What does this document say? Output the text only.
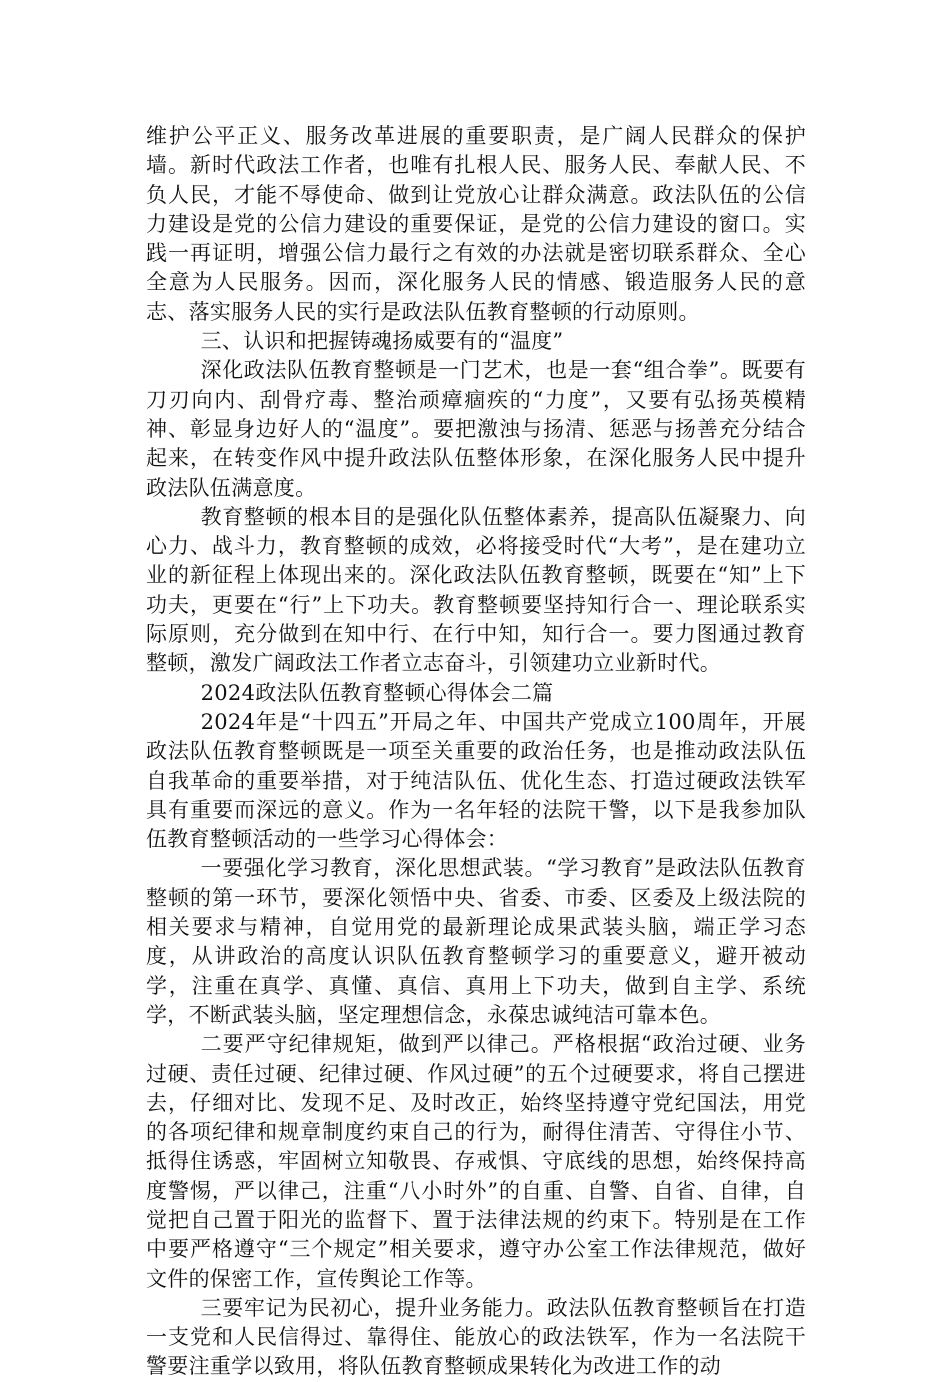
维护公平正义、服务改革进展的重要职责，是广阔人民群众的保护墙。新时代政法工作者，也唯有扎根人民、服务人民、奉献人民、不负人民，才能不辱使命、做到让党放心让群众满意。政法队伍的公信力建设是党的公信力建设的重要保证，是党的公信力建设的窗口。实践一再证明，增强公信力最行之有效的办法就是密切联系群众、全心全意为人民服务。因而，深化服务人民的情感、锻造服务人民的意志、落实服务人民的实行是政法队伍教育整顿的行动原则。

三、认识和把握铸魂扬威要有的“温度”

深化政法队伍教育整顿是一门艺术，也是一套“组合拳”。既要有刀刃向内、刮骨疗毒、整治顽瘴痼疾的“力度”，又要有弘扬英模精神、彰显身边好人的“温度”。要把激浊与扬清、惩恶与扬善充分结合起来，在转变作风中提升政法队伍整体形象，在深化服务人民中提升政法队伍满意度。

教育整顿的根本目的是强化队伍整体素养，提高队伍凝聚力、向心力、战斗力，教育整顿的成效，必将接受时代“大考”，是在建功立业的新征程上体现出来的。深化政法队伍教育整顿，既要在“知”上下功夫，更要在“行”上下功夫。教育整顿要坚持知行合一、理论联系实际原则，充分做到在知中行、在行中知，知行合一。要力图通过教育整顿，激发广阔政法工作者立志奋斗，引领建功立业新时代。

2024政法队伍教育整顿心得体会二篇

2024年是“十四五”开局之年、中国共产党成立100周年，开展政法队伍教育整顿既是一项至关重要的政治任务，也是推动政法队伍自我革命的重要举措，对于纯洁队伍、优化生态、打造过硬政法铁军具有重要而深远的意义。作为一名年轻的法院干警，以下是我参加队伍教育整顿活动的一些学习心得体会：

一要强化学习教育，深化思想武装。“学习教育”是政法队伍教育整顿的第一环节，要深化领悟中央、省委、市委、区委及上级法院的相关要求与精神，自觉用党的最新理论成果武装头脑，端正学习态度，从讲政治的高度认识队伍教育整顿学习的重要意义，避开被动学，注重在真学、真懂、真信、真用上下功夫，做到自主学、系统学，不断武装头脑，坚定理想信念，永葆忠诚纯洁可靠本色。

二要严守纪律规矩，做到严以律己。严格根据“政治过硬、业务过硬、责任过硬、纪律过硬、作风过硬”的五个过硬要求，将自己摆进去，仔细对比、发现不足、及时改正，始终坚持遵守党纪国法，用党的各项纪律和规章制度约束自己的行为，耐得住清苦、守得住小节、抵得住诱惑，牢固树立知敬畏、存戒惧、守底线的思想，始终保持高度警惕，严以律己，注重“八小时外”的自重、自警、自省、自律，自觉把自己置于阳光的监督下、置于法律法规的约束下。特别是在工作中要严格遵守“三个规定”相关要求，遵守办公室工作法律规范，做好文件的保密工作，宣传舆论工作等。

三要牢记为民初心，提升业务能力。政法队伍教育整顿旨在打造一支党和人民信得过、靠得住、能放心的政法铁军，作为一名法院干警要注重学以致用，将队伍教育整顿成果转化为改进工作的动
